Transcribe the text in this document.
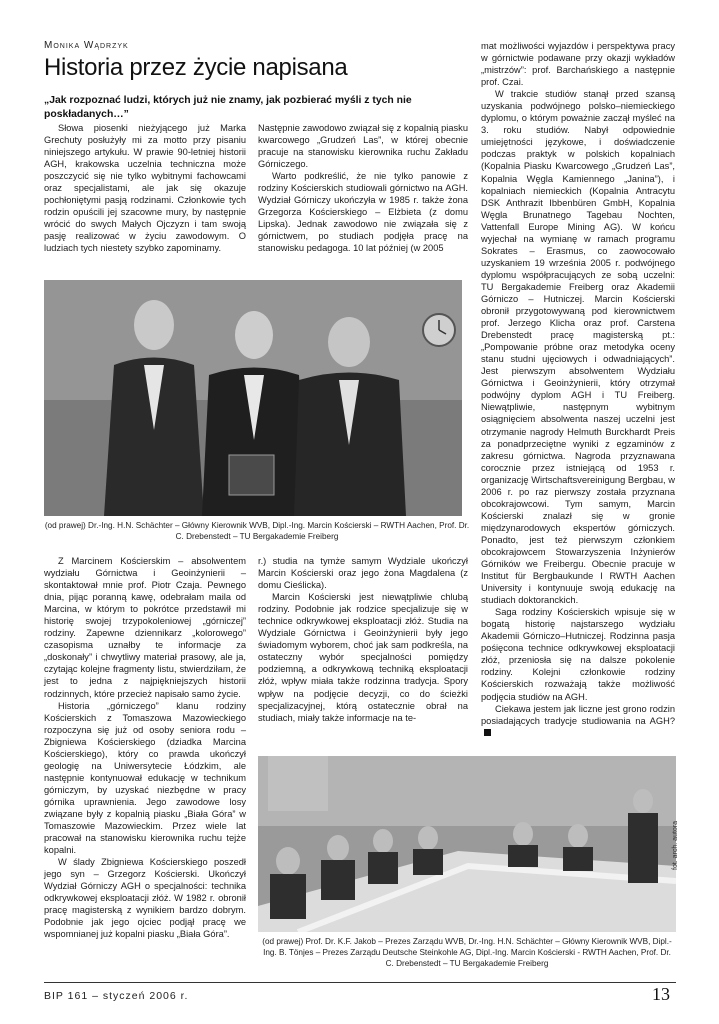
Monika Wądrzyk
Historia przez życie napisana
„Jak rozpoznać ludzi, których już nie znamy, jak pozbierać myśli z tych nie poskładanych…”

Słowa piosenki nieżyjącego już Marka Grechuty posłużyły mi za motto przy pisaniu niniejszego artykułu. W prawie 90-letniej historii AGH, krakowska uczelnia techniczna może poszczycić się nie tylko wybitnymi fachowcami oraz specjalistami, ale jak się okazuje pochłoniętymi pasją rodzinami. Członkowie tych rodzin opuścili jej szacowne mury, by następnie wrócić do swych Małych Ojczyzn i tam swoją pasję realizować w życiu zawodowym. O ludziach tych niestety szybko zapominamy.

Następnie zawodowo związał się z kopalnią piasku kwarcowego „Grudzeń Las”, w której obecnie pracuje na stanowisku kierownika ruchu Zakładu Górniczego.

Warto podkreślić, że nie tylko panowie z rodziny Kościerskich studiowali górnictwo na AGH. Wydział Górniczy ukończyła w 1985 r. także żona Grzegorza Kościerskiego – Elżbieta (z domu Lipska). Jednak zawodowo nie związała się z górnictwem, po studiach podjęła pracę na stanowisku pedagoga. 10 lat później (w 2005

mat możliwości wyjazdów i perspektywa pracy w górnictwie podawane przy okazji wykładów „mistrzów”: prof. Barchańskiego a następnie prof. Czai.

W trakcie studiów stanął przed szansą uzyskania podwójnego polsko–niemieckiego dyplomu, o którym poważnie zaczął myśleć na 3. roku studiów. Nabył odpowiednie umiejętności językowe, i doświadczenie podczas praktyk w polskich kopalniach (Kopalnia Piasku Kwarcowego „Grudzeń Las”, Kopalnia Węgla Kamiennego „Janina”), i kopalniach niemieckich (Kopalnia Antracytu DSK Anthrazit Ibbenbüren GmbH, Kopalnia Węgla Brunatnego Tagebau Nochten, Vattenfall Europe Mining AG). W końcu wyjechał na wymianę w ramach programu Sokrates – Erasmus, co zaowocowało uzyskaniem 19 września 2005 r. podwójnego dyplomu współpracujących ze sobą uczelni: TU Bergakademie Freiberg oraz Akademii Górniczo – Hutniczej. Marcin Kościerski obronił przygotowywaną pod kierownictwem prof. Jerzego Klicha oraz prof. Carstena Drebenstedt pracę magisterską pt.: „Pompowanie próbne oraz metodyka oceny stanu studni ujęciowych i odwadniających”. Jest pierwszym absolwentem Wydziału Górnictwa i Geoinżynierii, który otrzymał podwójny dyplom AGH i TU Freiberg. Niewątpliwie, następnym wybitnym osiągnięciem absolwenta naszej uczelni jest otrzymanie nagrody Helmuth Burckhardt Preis za ponadprzeciętne wyniki z egzaminów z zakresu górnictwa. Nagroda przyznawana corocznie przez istniejącą od 1953 r. organizację Wirtschaftsvereinigung Bergbau, w 2006 r. po raz pierwszy została przyznana obcokrajowcowi. Tym samym, Marcin Kościerski znalazł się w gronie międzynarodowych ekspertów górniczych. Ponadto, jest też pierwszym członkiem obcokrajowcem Stowarzyszenia Inżynierów Górników we Freibergu. Obecnie pracuje w Institut für Bergbaukunde I RWTH Aachen University i kontynuuje swoją edukację na studiach doktoranckich.

Saga rodziny Kościerskich wpisuje się w bogatą historię najstarszego wydziału Akademii Górniczo–Hutniczej. Rodzinna pasja pośięcona technice odkrywkowej eksploatacji złóż, przeniosła się na dalsze pokolenie rodziny. Kolejni członkowie rodziny Kościerskich rozważają także możliwość podjęcia studiów na AGH.

Ciekawa jestem jak liczne jest grono rodzin posiadających tradycje studiowania na AGH?

(od prawej) Dr.-Ing. H.N. Schächter – Główny Kierownik WVB, Dipl.-Ing. Marcin Kościerski – RWTH Aachen, Prof. Dr. C. Drebenstedt – TU Bergakademie Freiberg

Z Marcinem Kościerskim – absolwentem wydziału Górnictwa i Geoinżynierii – skontaktował mnie prof. Piotr Czaja. Pewnego dnia, pijąc poranną kawę, odebrałam maila od Marcina, w którym to pokrótce przedstawił mi historię swojej trzypokoleniowej „górniczej” rodziny. Zapewne dziennikarz „kolorowego” czasopisma uznałby te informacje za „doskonały” i chwytliwy materiał prasowy, ale ja, czytając kolejne fragmenty listu, stwierdziłam, że jest to jedna z najpiękniejszych historii rodzinnych, które przecież napisało samo życie.

Historia „górniczego” klanu rodziny Kościerskich z Tomaszowa Mazowieckiego rozpoczyna się już od osoby seniora rodu – Zbigniewa Kościerskiego (dziadka Marcina Kościerskiego), który co prawda ukończył geologię na Uniwersytecie Łódzkim, ale następnie kontynuował edukację w technikum górniczym, by uzyskać niezbędne w pracy górnika uprawnienia. Jego zawodowe losy związane były z kopalnią piasku „Biała Góra” w Tomaszowie Mazowieckim. Przez wiele lat pracował na stanowisku kierownika ruchu tejże kopalni.

W ślady Zbigniewa Kościerskiego poszedł jego syn – Grzegorz Kościerski. Ukończył Wydział Górniczy AGH o specjalności: technika odkrywkowej eksploatacji złóż. W 1982 r. obronił pracę magisterską z wynikiem bardzo dobrym. Podobnie jak jego ojciec podjął pracę we wspomnianej już kopalni piasku „Biała Góra”.

r.) studia na tymże samym Wydziale ukończył Marcin Kościerski oraz jego żona Magdalena (z domu Cieślicka).

Marcin Kościerski jest niewątpliwie chlubą rodziny. Podobnie jak rodzice specjalizuje się w technice odkrywkowej eksploatacji złóż. Studia na Wydziale Górnictwa i Geoinżynierii były jego świadomym wyborem, choć jak sam podkreśla, na ostateczny wybór specjalności pomiędzy podziemną, a odkrywkową techniką eksploatacji złóż, wpływ miała także rodzinna tradycja. Spory wpływ na podjęcie decyzji, co do ścieżki specjalizacyjnej, którą ostatecznie obrał na studiach, miały także informacje na te-

fot. arch. autora
(od prawej) Prof. Dr. K.F. Jakob – Prezes Zarządu WVB, Dr.-Ing. H.N. Schächter – Główny Kierownik WVB, Dipl.-Ing. B. Tönjes – Prezes Zarządu Deutsche Steinkohle AG, Dipl.-Ing. Marcin Kościerski - RWTH Aachen, Prof. Dr. C. Drebenstedt – TU Bergakademie Freiberg
BIP 161 – styczeń 2006 r.	13
